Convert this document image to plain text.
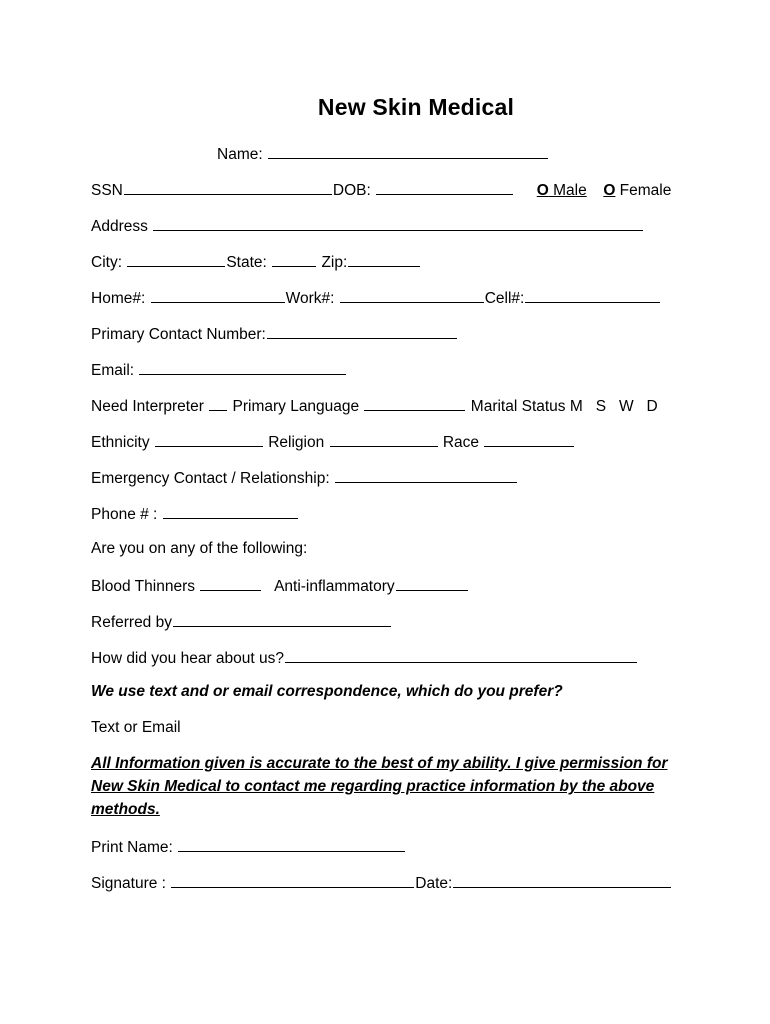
New Skin Medical
Name:
SSN	DOB:	O Male O Female
Address
City:	State:	Zip:
Home#:	Work#:	Cell#:
Primary Contact Number:
Email:
Need Interpreter Primary Language	Marital Status M   S   W   D
Ethnicity	Religion	Race
Emergency Contact / Relationship:
Phone # :
Are you on any of the following:
Blood Thinners	Anti-inflammatory
Referred by
How did you hear about us?
We use text and or email correspondence, which do you prefer?
Text or Email
All Information given is accurate to the best of my ability. I give permission for New Skin Medical to contact me regarding practice information by the above methods.
Print Name:
Signature :	Date:
